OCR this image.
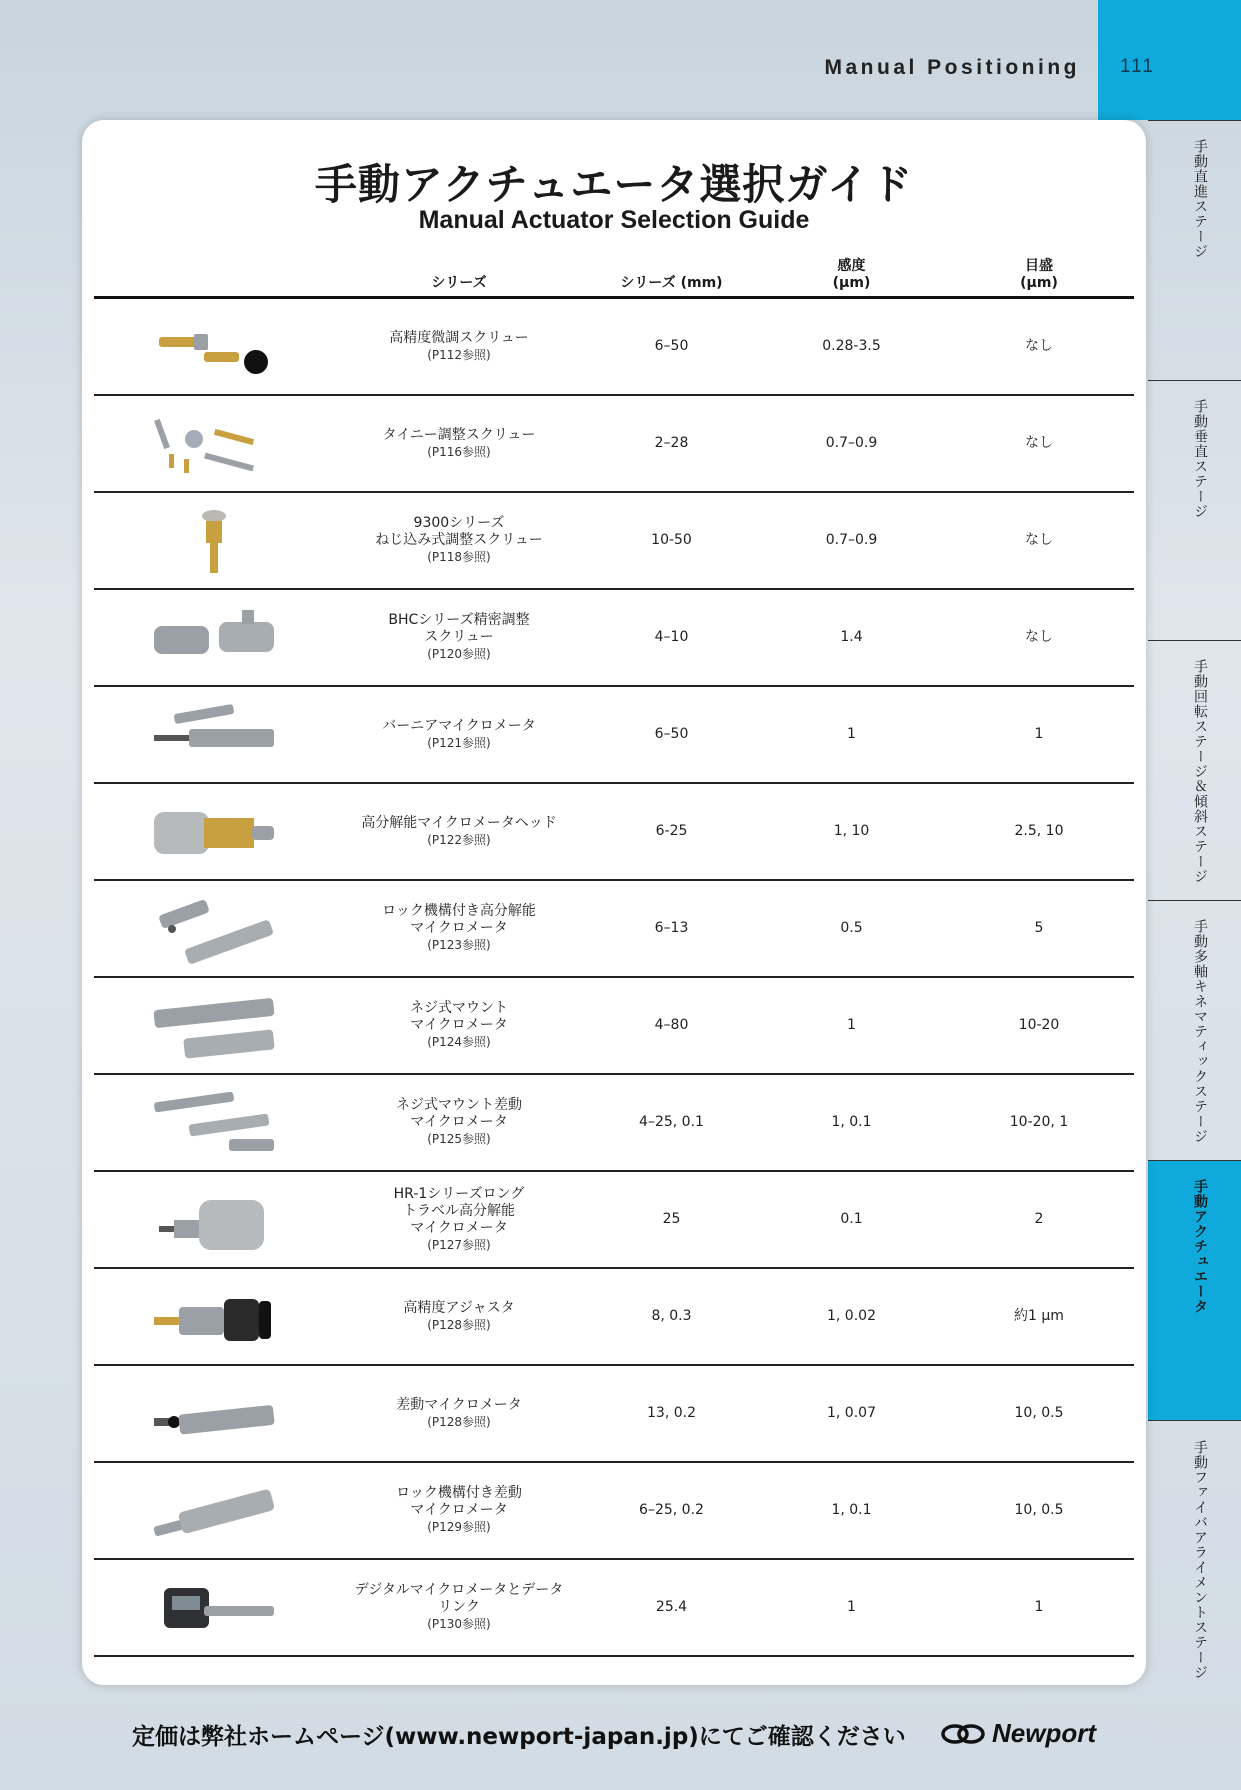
Manual Positioning 111
手動直進ステージ
手動垂直ステージ
手動回転ステージ＆傾斜ステージ
手動多軸キネマティックステージ
手動アクチュエータ
手動ファイバアライメントステージ
手動アクチュエータ選択ガイド
Manual Actuator Selection Guide
シリーズ	シリーズ (mm)
感度
(µm)
目盛
(µm)
高精度微調スクリュー
(P112参照)
6–50	0.28-3.5	なし
タイニー調整スクリュー
(P116参照)
2–28	0.7–0.9	なし
9300シリーズ
ねじ込み式調整スクリュー
(P118参照)
10-50	0.7–0.9	なし
BHCシリーズ精密調整
スクリュー
(P120参照)
4–10	1.4	なし
バーニアマイクロメータ
(P121参照)
6–50	1	1
高分解能マイクロメータヘッド
(P122参照)
6-25	1, 10	2.5, 10
ロック機構付き高分解能
マイクロメータ
(P123参照)
6–13	0.5	5
ネジ式マウント
マイクロメータ
(P124参照)
4–80	1	10-20
ネジ式マウント差動
マイクロメータ
(P125参照)
4–25, 0.1	1, 0.1	10-20, 1
HR-1シリーズロング
トラベル高分解能
マイクロメータ
(P127参照)
25	0.1	2
高精度アジャスタ
(P128参照)
8, 0.3	1, 0.02	約1 µm
差動マイクロメータ
(P128参照)
13, 0.2	1, 0.07	10, 0.5
ロック機構付き差動
マイクロメータ
(P129参照)
6–25, 0.2	1, 0.1	10, 0.5
デジタルマイクロメータとデータ
リンク
(P130参照)
25.4	1	1
定価は弊社ホームページ(www.newport-japan.jp)にてご確認ください	Newport
